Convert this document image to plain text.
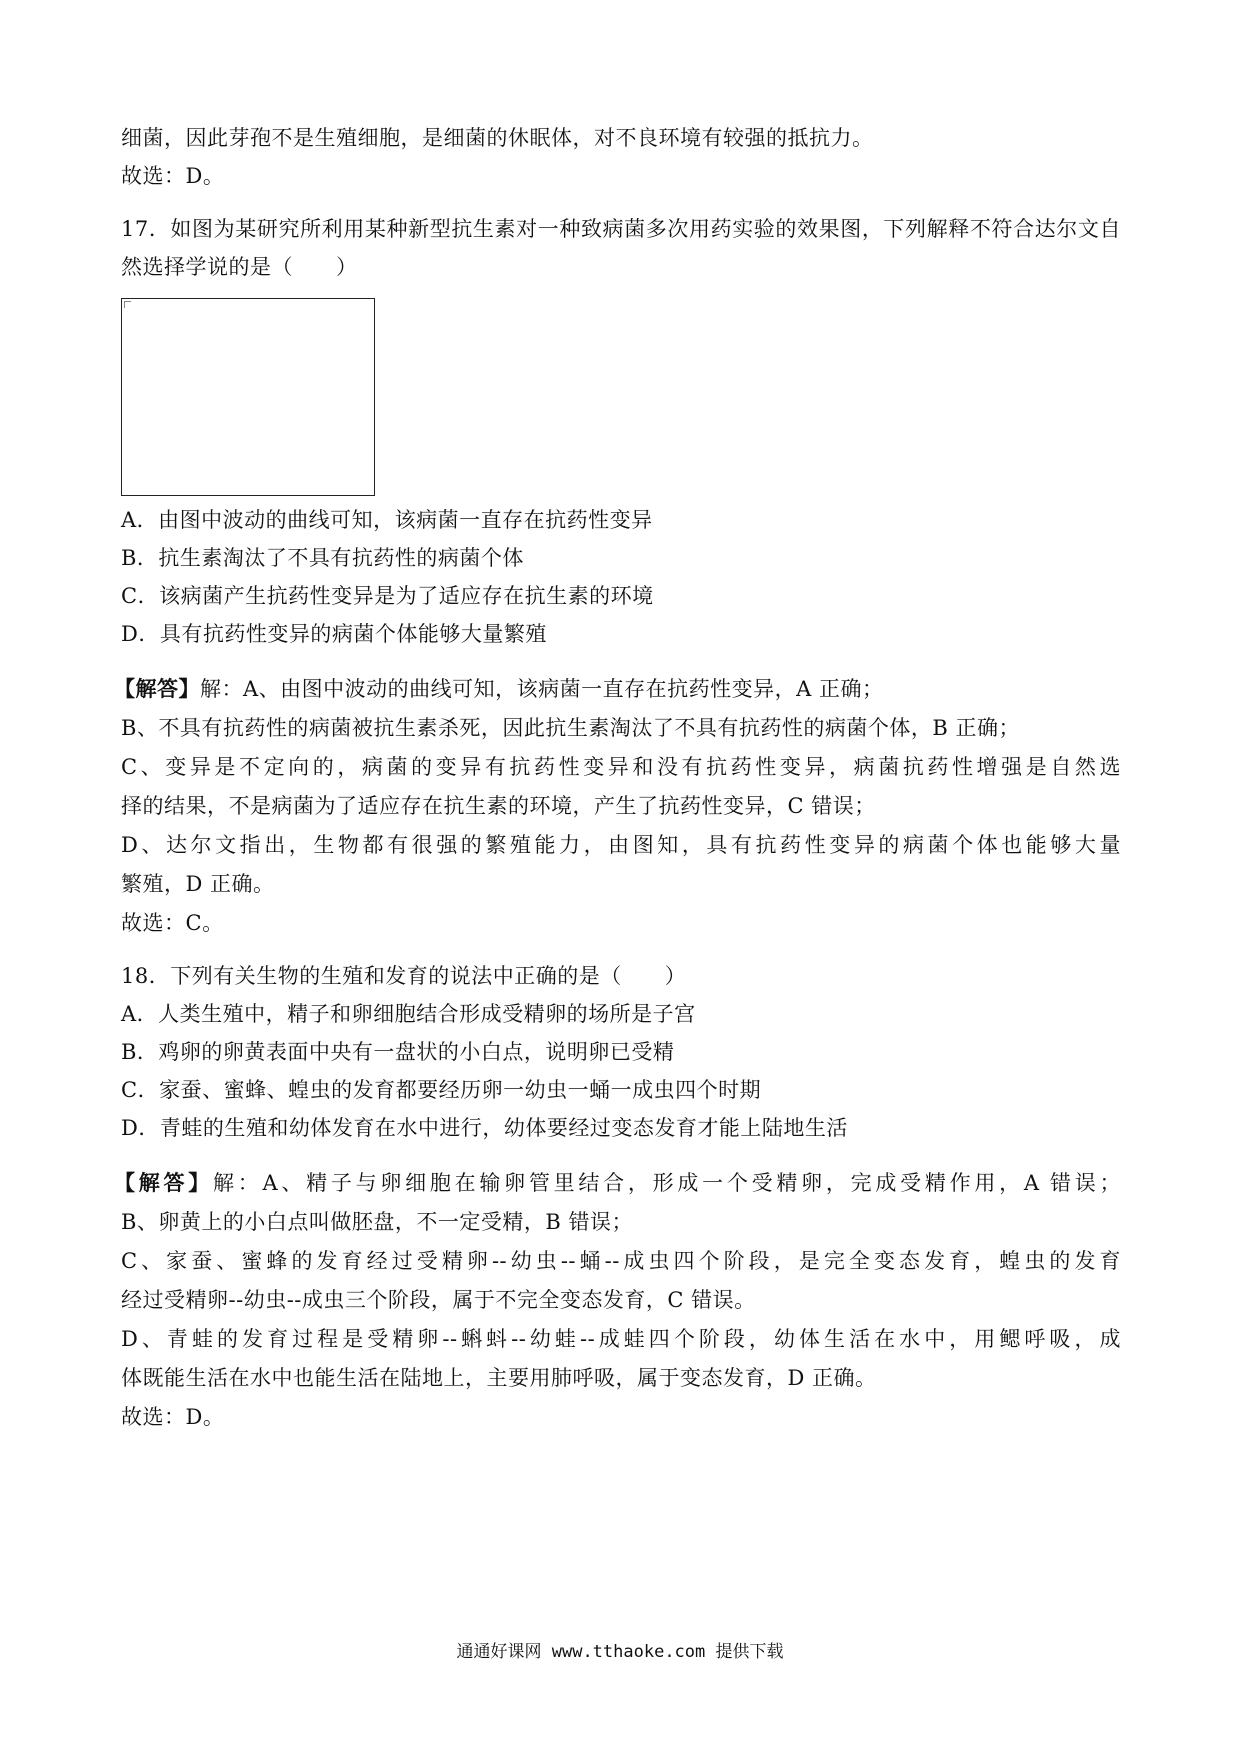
细菌，因此芽孢不是生殖细胞，是细菌的休眠体，对不良环境有较强的抵抗力。
故选：D。
17．如图为某研究所利用某种新型抗生素对一种致病菌多次用药实验的效果图，下列解释不符合达尔文自
然选择学说的是（　　）
A．由图中波动的曲线可知，该病菌一直存在抗药性变异
B．抗生素淘汰了不具有抗药性的病菌个体
C．该病菌产生抗药性变异是为了适应存在抗生素的环境
D．具有抗药性变异的病菌个体能够大量繁殖
【解答】解：A、由图中波动的曲线可知，该病菌一直存在抗药性变异，A 正确；
B、不具有抗药性的病菌被抗生素杀死，因此抗生素淘汰了不具有抗药性的病菌个体，B 正确；
C、变异是不定向的，病菌的变异有抗药性变异和没有抗药性变异，病菌抗药性增强是自然选
择的结果，不是病菌为了适应存在抗生素的环境，产生了抗药性变异，C 错误；
D、达尔文指出，生物都有很强的繁殖能力，由图知，具有抗药性变异的病菌个体也能够大量
繁殖，D 正确。
故选：C。
18．下列有关生物的生殖和发育的说法中正确的是（　　）
A．人类生殖中，精子和卵细胞结合形成受精卵的场所是子宫
B．鸡卵的卵黄表面中央有一盘状的小白点，说明卵已受精
C．家蚕、蜜蜂、蝗虫的发育都要经历卵一幼虫一蛹一成虫四个时期
D．青蛙的生殖和幼体发育在水中进行，幼体要经过变态发育才能上陆地生活
【解答】解：A、精子与卵细胞在输卵管里结合，形成一个受精卵，完成受精作用，A 错误；
B、卵黄上的小白点叫做胚盘，不一定受精，B 错误；
C、家蚕、蜜蜂的发育经过受精卵--幼虫--蛹--成虫四个阶段，是完全变态发育，蝗虫的发育
经过受精卵--幼虫--成虫三个阶段，属于不完全变态发育，C 错误。
D、青蛙的发育过程是受精卵--蝌蚪--幼蛙--成蛙四个阶段，幼体生活在水中，用鳃呼吸，成
体既能生活在水中也能生活在陆地上，主要用肺呼吸，属于变态发育，D 正确。
故选：D。
通通好课网 www.tthaoke.com 提供下载
